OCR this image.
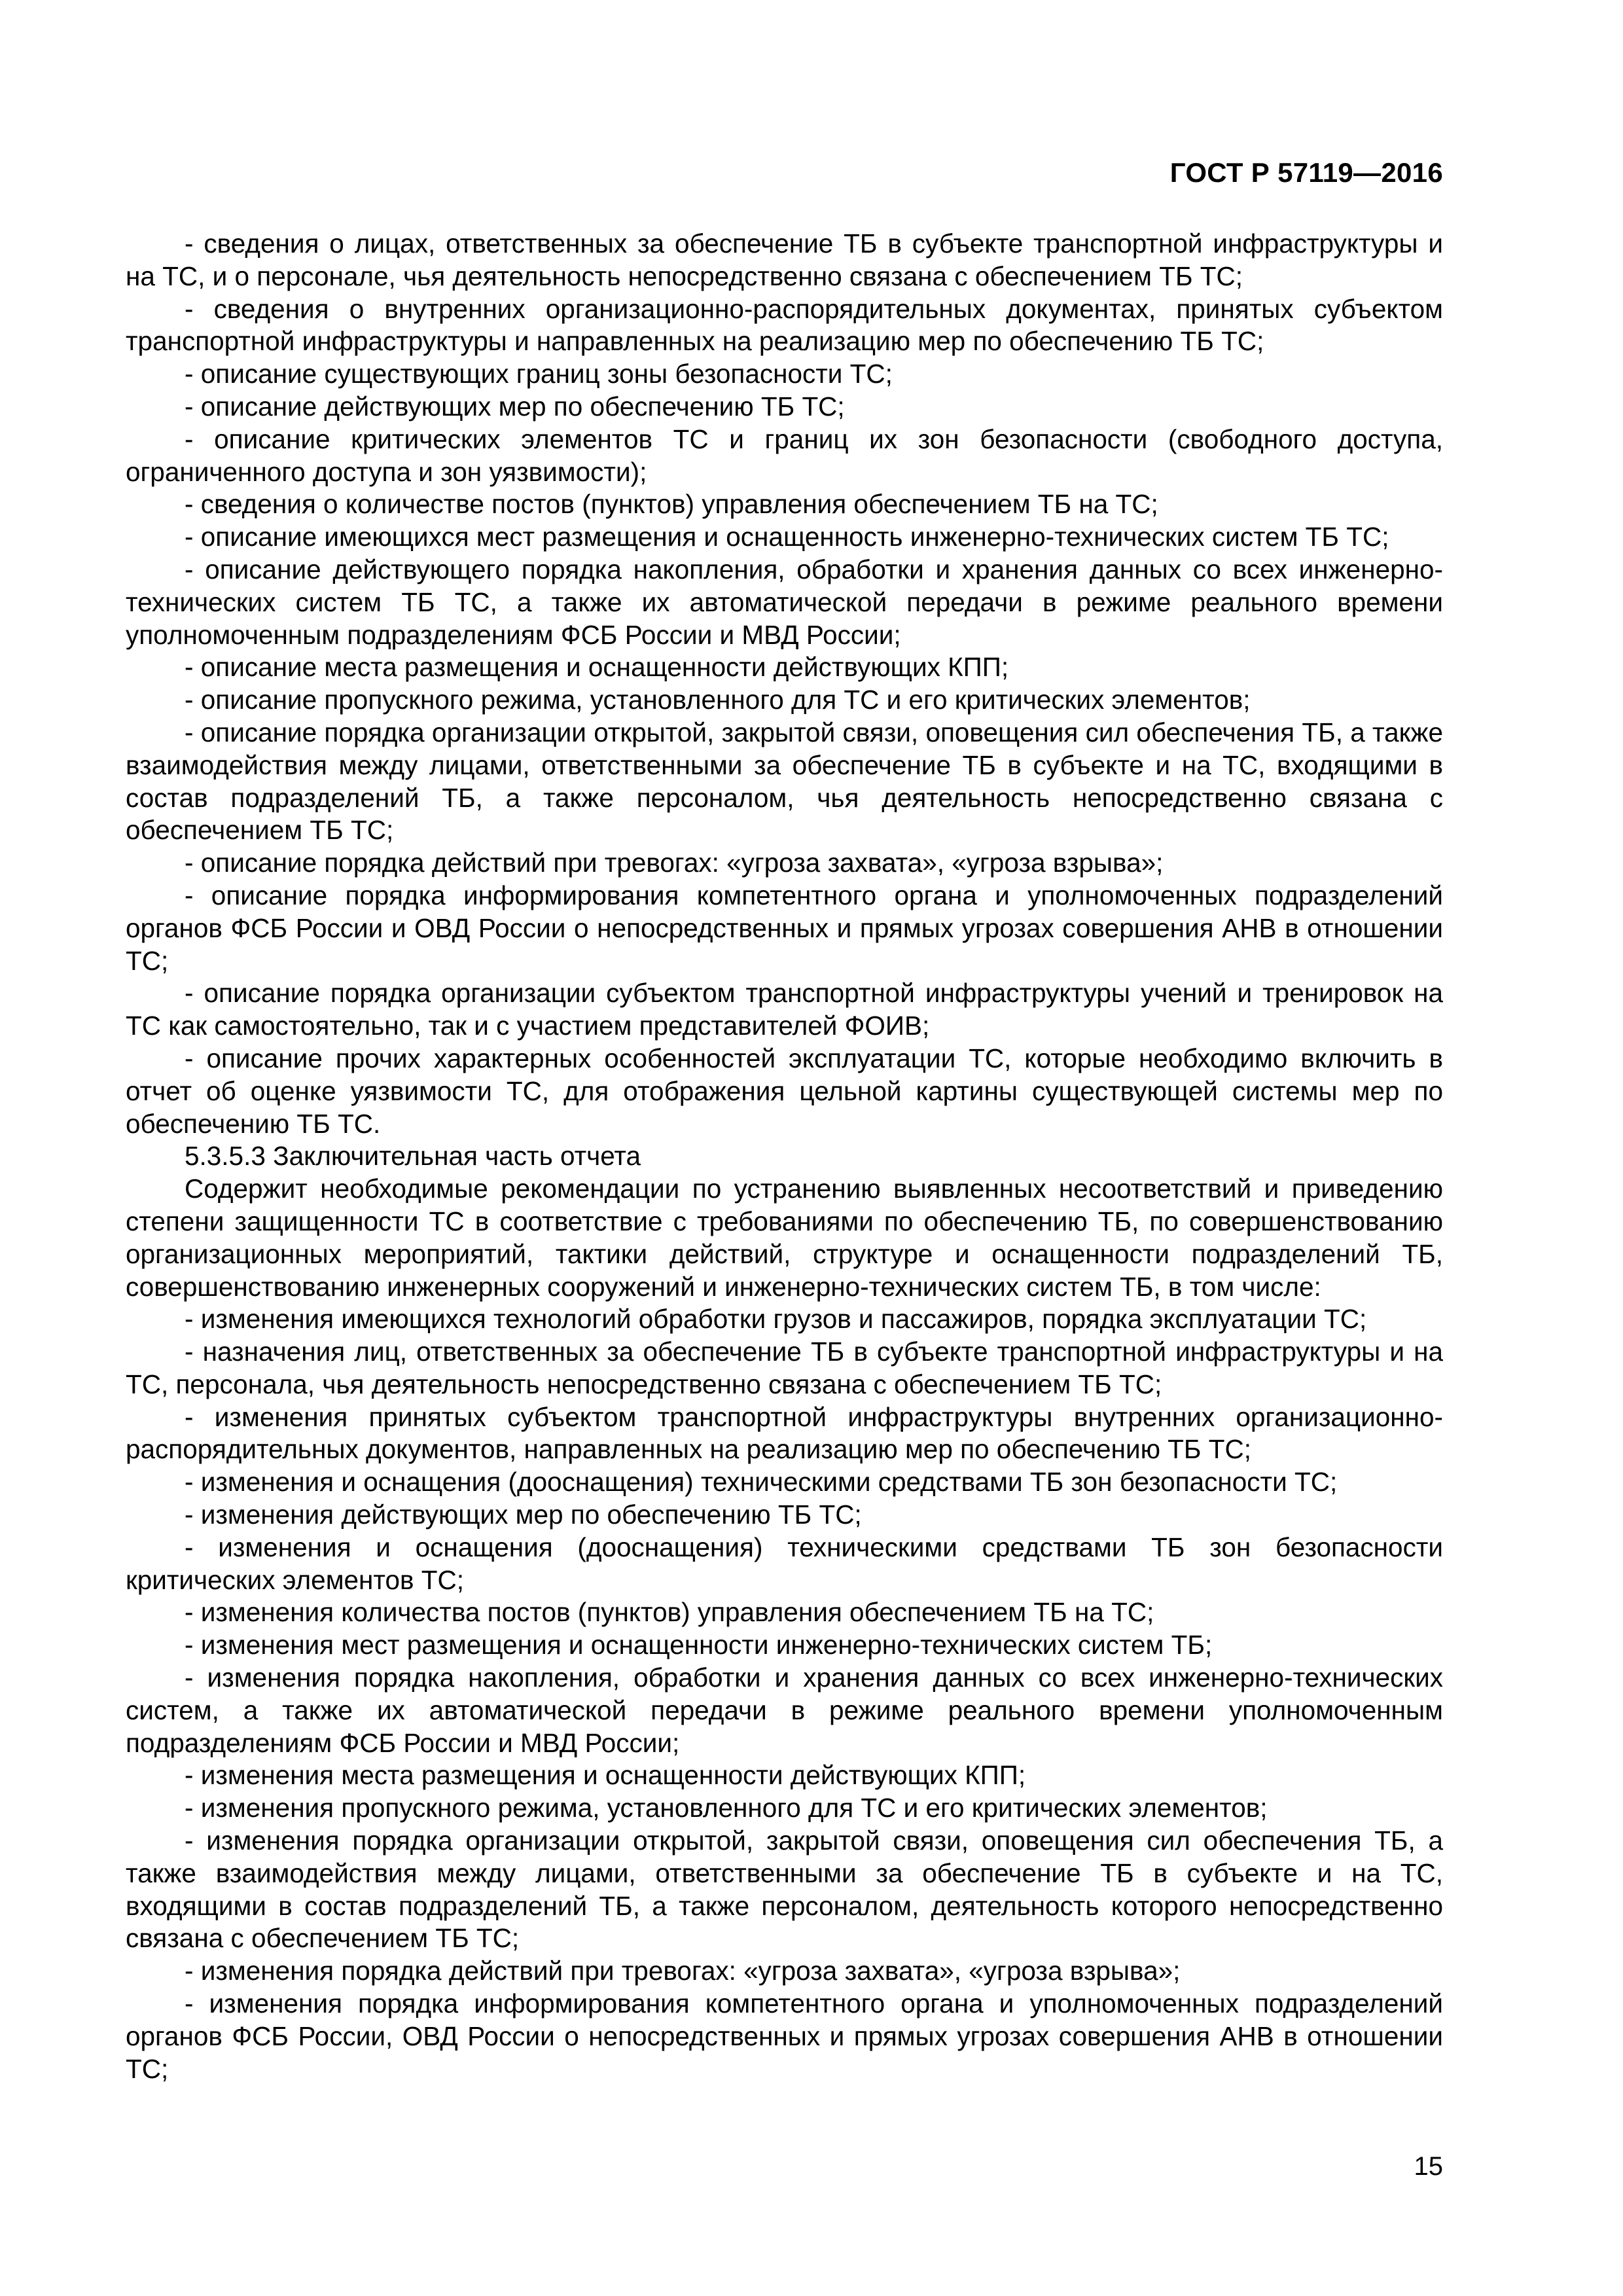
ГОСТ Р 57119—2016

- сведения о лицах, ответственных за обеспечение ТБ в субъекте транспортной инфраструктуры и на ТС, и о персонале, чья деятельность непосредственно связана с обеспечением ТБ ТС;

- сведения о внутренних организационно-распорядительных документах, принятых субъектом транспортной инфраструктуры и направленных на реализацию мер по обеспечению ТБ ТС;

- описание существующих границ зоны безопасности ТС;

- описание действующих мер по обеспечению ТБ ТС;

- описание критических элементов ТС и границ их зон безопасности (свободного доступа, ограниченного доступа и зон уязвимости);

- сведения о количестве постов (пунктов) управления обеспечением ТБ на ТС;

- описание имеющихся мест размещения и оснащенность инженерно-технических систем ТБ ТС;

- описание действующего порядка накопления, обработки и хранения данных со всех инженерно-технических систем ТБ ТС, а также их автоматической передачи в режиме реального времени уполномоченным подразделениям ФСБ России и МВД России;

- описание места размещения и оснащенности действующих КПП;

- описание пропускного режима, установленного для ТС и его критических элементов;

- описание порядка организации открытой, закрытой связи, оповещения сил обеспечения ТБ, а также взаимодействия между лицами, ответственными за обеспечение ТБ в субъекте и на ТС, входящими в состав подразделений ТБ, а также персоналом, чья деятельность непосредственно связана с обеспечением ТБ ТС;

- описание порядка действий при тревогах: «угроза захвата», «угроза взрыва»;

- описание порядка информирования компетентного органа и уполномоченных подразделений органов ФСБ России и ОВД России о непосредственных и прямых угрозах совершения АНВ в отношении ТС;

- описание порядка организации субъектом транспортной инфраструктуры учений и тренировок на ТС как самостоятельно, так и с участием представителей ФОИВ;

- описание прочих характерных особенностей эксплуатации ТС, которые необходимо включить в отчет об оценке уязвимости ТС, для отображения цельной картины существующей системы мер по обеспечению ТБ ТС.

5.3.5.3 Заключительная часть отчета

Содержит необходимые рекомендации по устранению выявленных несоответствий и приведению степени защищенности ТС в соответствие с требованиями по обеспечению ТБ, по совершенствованию организационных мероприятий, тактики действий, структуре и оснащенности подразделений ТБ, совершенствованию инженерных сооружений и инженерно-технических систем ТБ, в том числе:

- изменения имеющихся технологий обработки грузов и пассажиров, порядка эксплуатации ТС;

- назначения лиц, ответственных за обеспечение ТБ в субъекте транспортной инфраструктуры и на ТС, персонала, чья деятельность непосредственно связана с обеспечением ТБ ТС;

- изменения принятых субъектом транспортной инфраструктуры внутренних организационно-распорядительных документов, направленных на реализацию мер по обеспечению ТБ ТС;

- изменения и оснащения (дооснащения) техническими средствами ТБ зон безопасности ТС;

- изменения действующих мер по обеспечению ТБ ТС;

- изменения и оснащения (дооснащения) техническими средствами ТБ зон безопасности критических элементов ТС;

- изменения количества постов (пунктов) управления обеспечением ТБ на ТС;

- изменения мест размещения и оснащенности инженерно-технических систем ТБ;

- изменения порядка накопления, обработки и хранения данных со всех инженерно-технических систем, а также их автоматической передачи в режиме реального времени уполномоченным подразделениям ФСБ России и МВД России;

- изменения места размещения и оснащенности действующих КПП;

- изменения пропускного режима, установленного для ТС и его критических элементов;

- изменения порядка организации открытой, закрытой связи, оповещения сил обеспечения ТБ, а также взаимодействия между лицами, ответственными за обеспечение ТБ в субъекте и на ТС, входящими в состав подразделений ТБ, а также персоналом, деятельность которого непосредственно связана с обеспечением ТБ ТС;

- изменения порядка действий при тревогах: «угроза захвата», «угроза взрыва»;

- изменения порядка информирования компетентного органа и уполномоченных подразделений органов ФСБ России, ОВД России о непосредственных и прямых угрозах совершения АНВ в отношении ТС;

15
